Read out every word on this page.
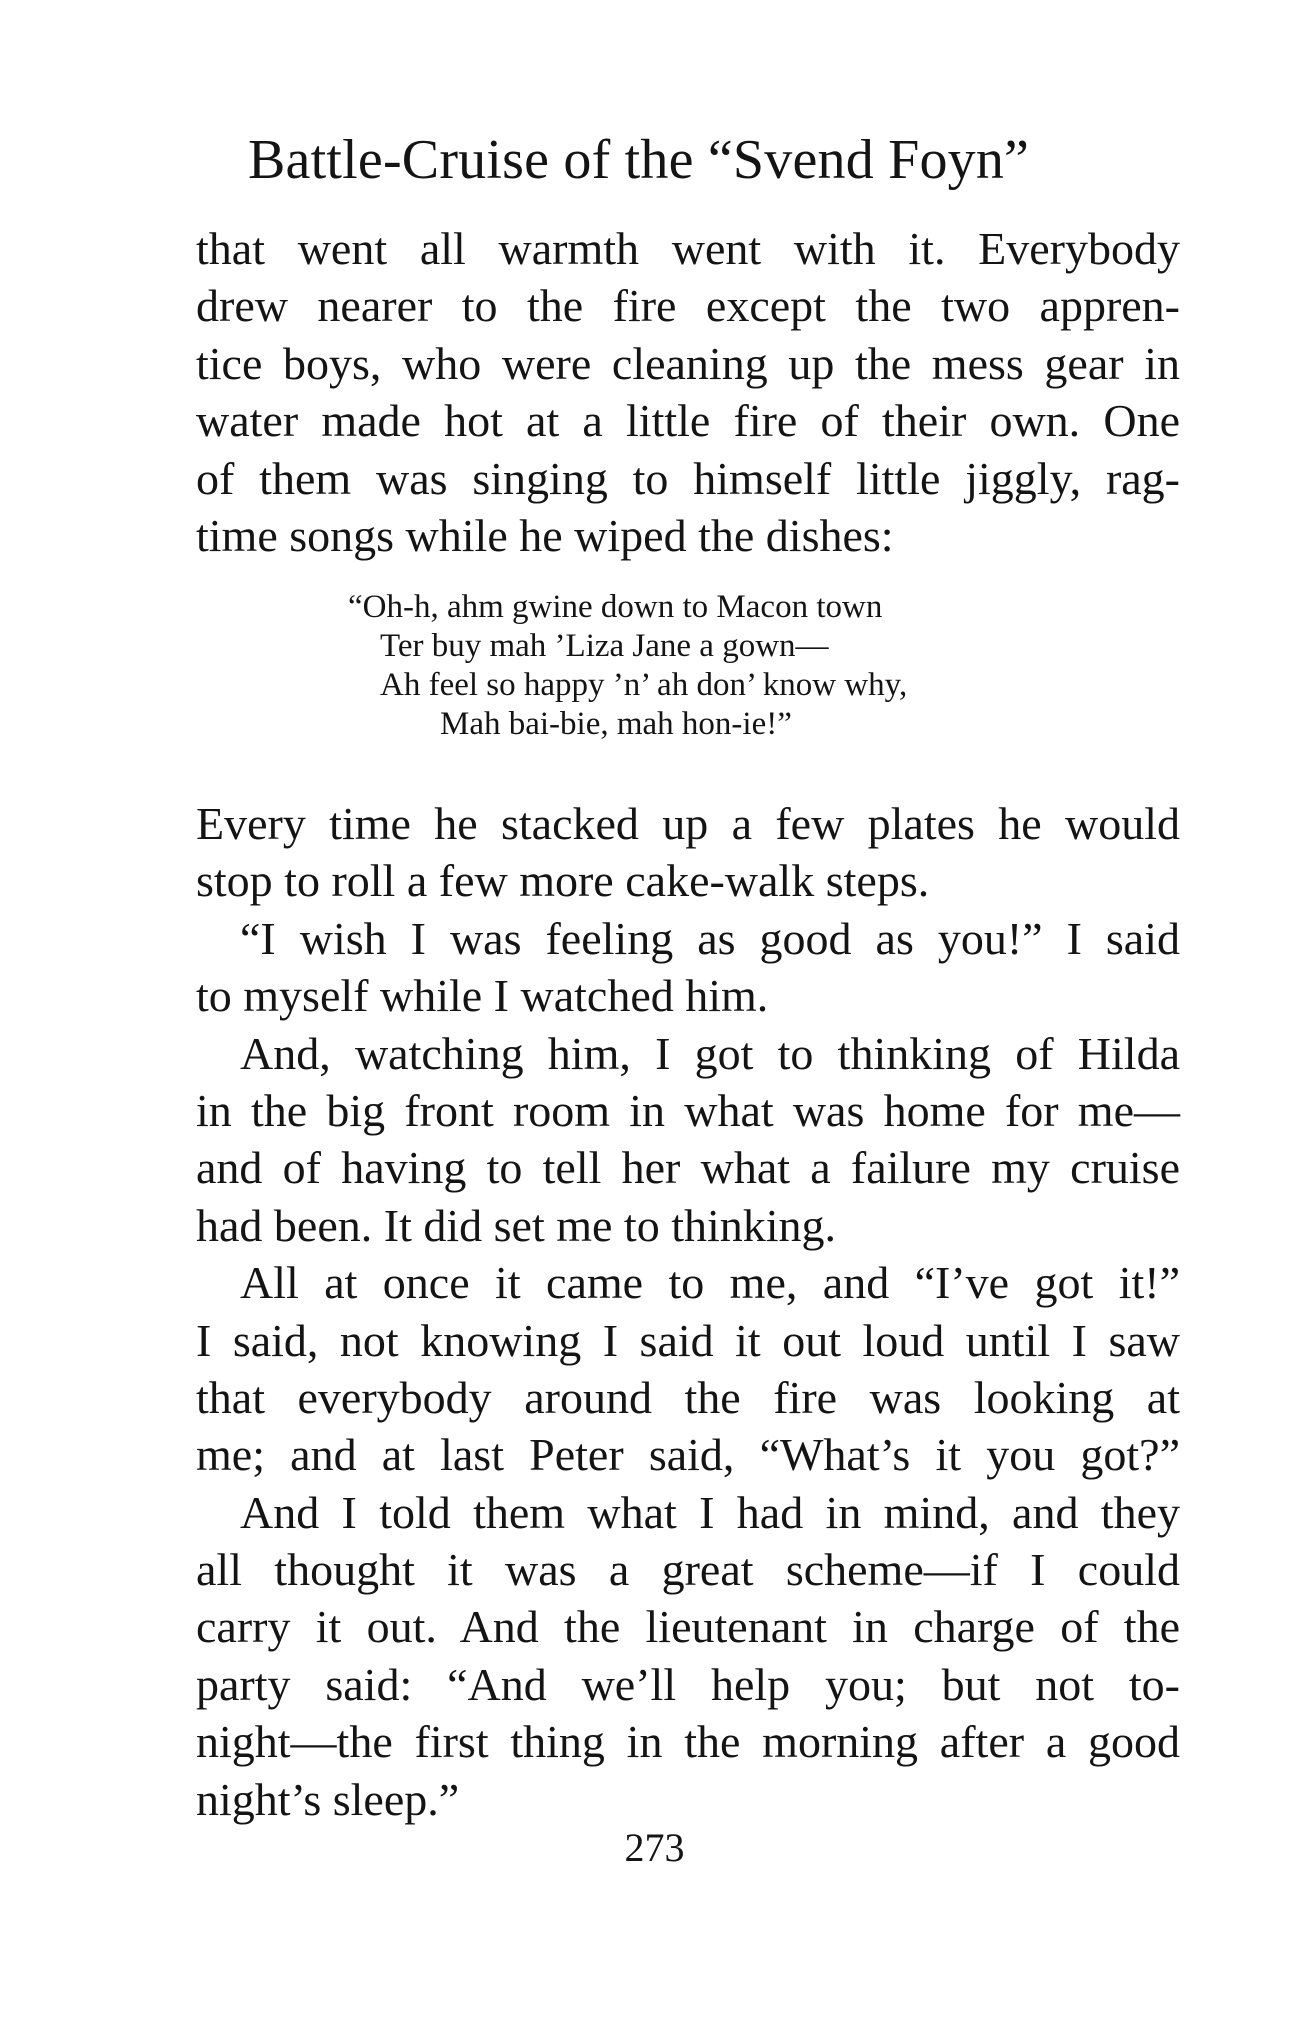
Battle-Cruise of the “Svend Foyn”
that went all warmth went with it. Everybody
drew nearer to the fire except the two appren-
tice boys, who were cleaning up the mess gear in
water made hot at a little fire of their own. One
of them was singing to himself little jiggly, rag-
time songs while he wiped the dishes:
“Oh-h, ahm gwine down to Macon town
Ter buy mah ’Liza Jane a gown—
Ah feel so happy ’n’ ah don’ know why,
Mah bai-bie, mah hon-ie!”
Every time he stacked up a few plates he would
stop to roll a few more cake-walk steps.
“I wish I was feeling as good as you!” I said
to myself while I watched him.
And, watching him, I got to thinking of Hilda
in the big front room in what was home for me—
and of having to tell her what a failure my cruise
had been. It did set me to thinking.
All at once it came to me, and “I’ve got it!”
I said, not knowing I said it out loud until I saw
that everybody around the fire was looking at
me; and at last Peter said, “What’s it you got?”
And I told them what I had in mind, and they
all thought it was a great scheme—if I could
carry it out. And the lieutenant in charge of the
party said: “And we’ll help you; but not to-
night—the first thing in the morning after a good
night’s sleep.”
273
